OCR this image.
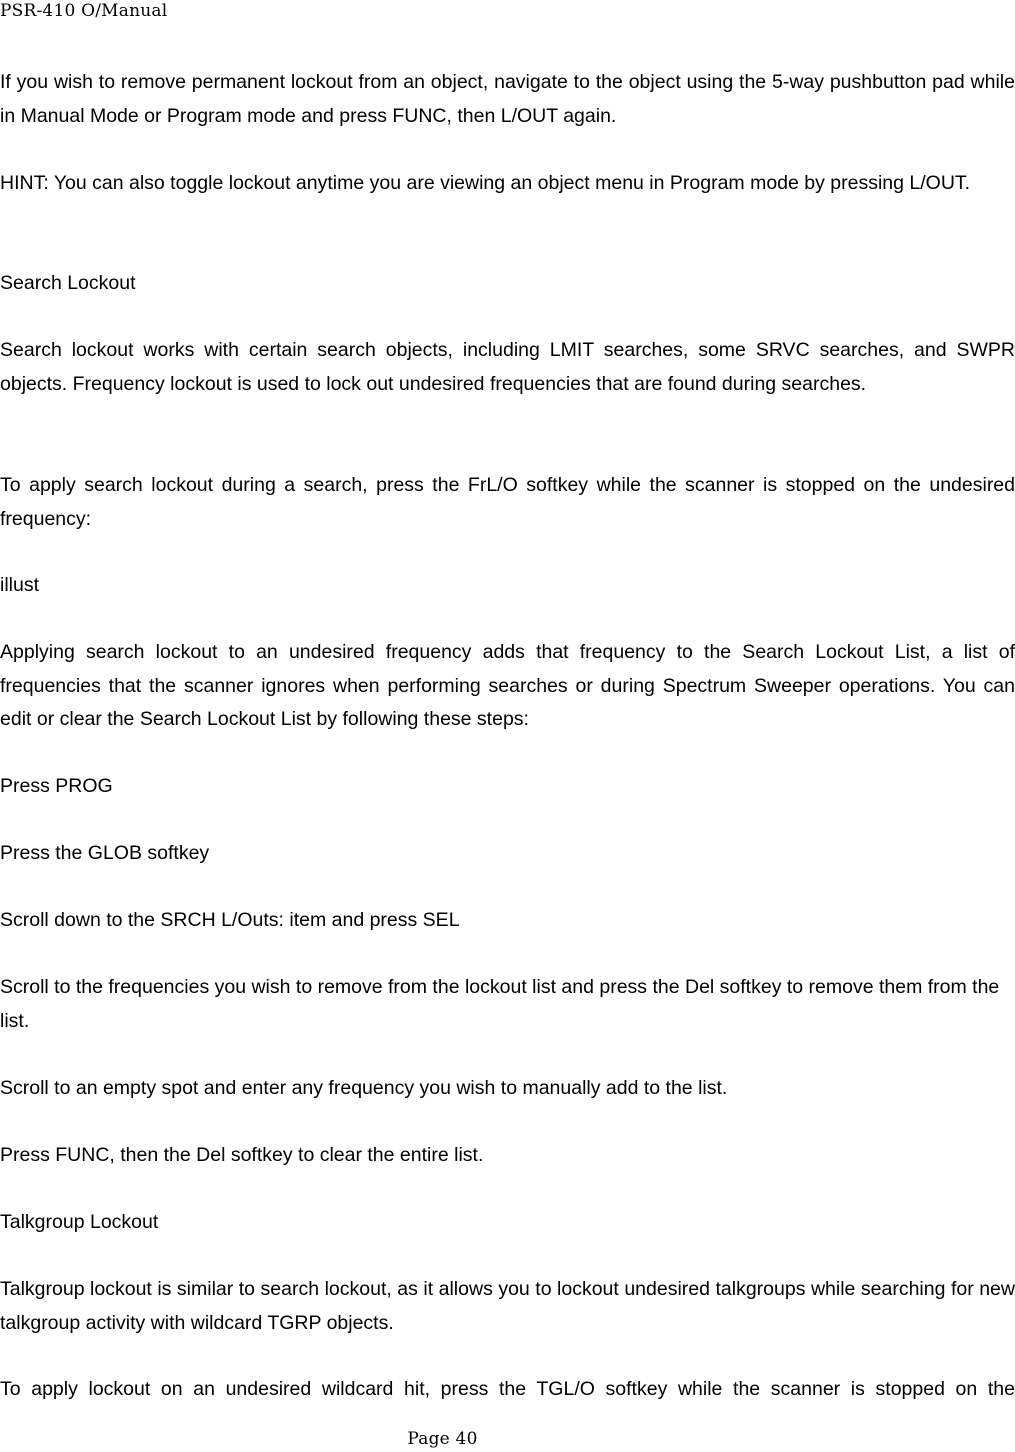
PSR-410 O/Manual

If you wish to remove permanent lockout from an object, navigate to the object using the 5-way pushbutton pad while in Manual Mode or Program mode and press FUNC, then L/OUT again.

HINT: You can also toggle lockout anytime you are viewing an object menu in Program mode by pressing L/OUT.

Search Lockout

Search lockout works with certain search objects, including LMIT searches, some SRVC searches, and SWPR objects. Frequency lockout is used to lock out undesired frequencies that are found during searches.

To apply search lockout during a search, press the FrL/O softkey while the scanner is stopped on the undesired frequency:

illust

Applying search lockout to an undesired frequency adds that frequency to the Search Lockout List, a list of frequencies that the scanner ignores when performing searches or during Spectrum Sweeper operations. You can edit or clear the Search Lockout List by following these steps:

Press PROG

Press the GLOB softkey

Scroll down to the SRCH L/Outs: item and press SEL

Scroll to the frequencies you wish to remove from the lockout list and press the Del softkey to remove them from the list.

Scroll to an empty spot and enter any frequency you wish to manually add to the list.

Press FUNC, then the Del softkey to clear the entire list.

Talkgroup Lockout

Talkgroup lockout is similar to search lockout, as it allows you to lockout undesired talkgroups while searching for new talkgroup activity with wildcard TGRP objects.

To apply lockout on an undesired wildcard hit, press the TGL/O softkey while the scanner is stopped on the

Page 40
